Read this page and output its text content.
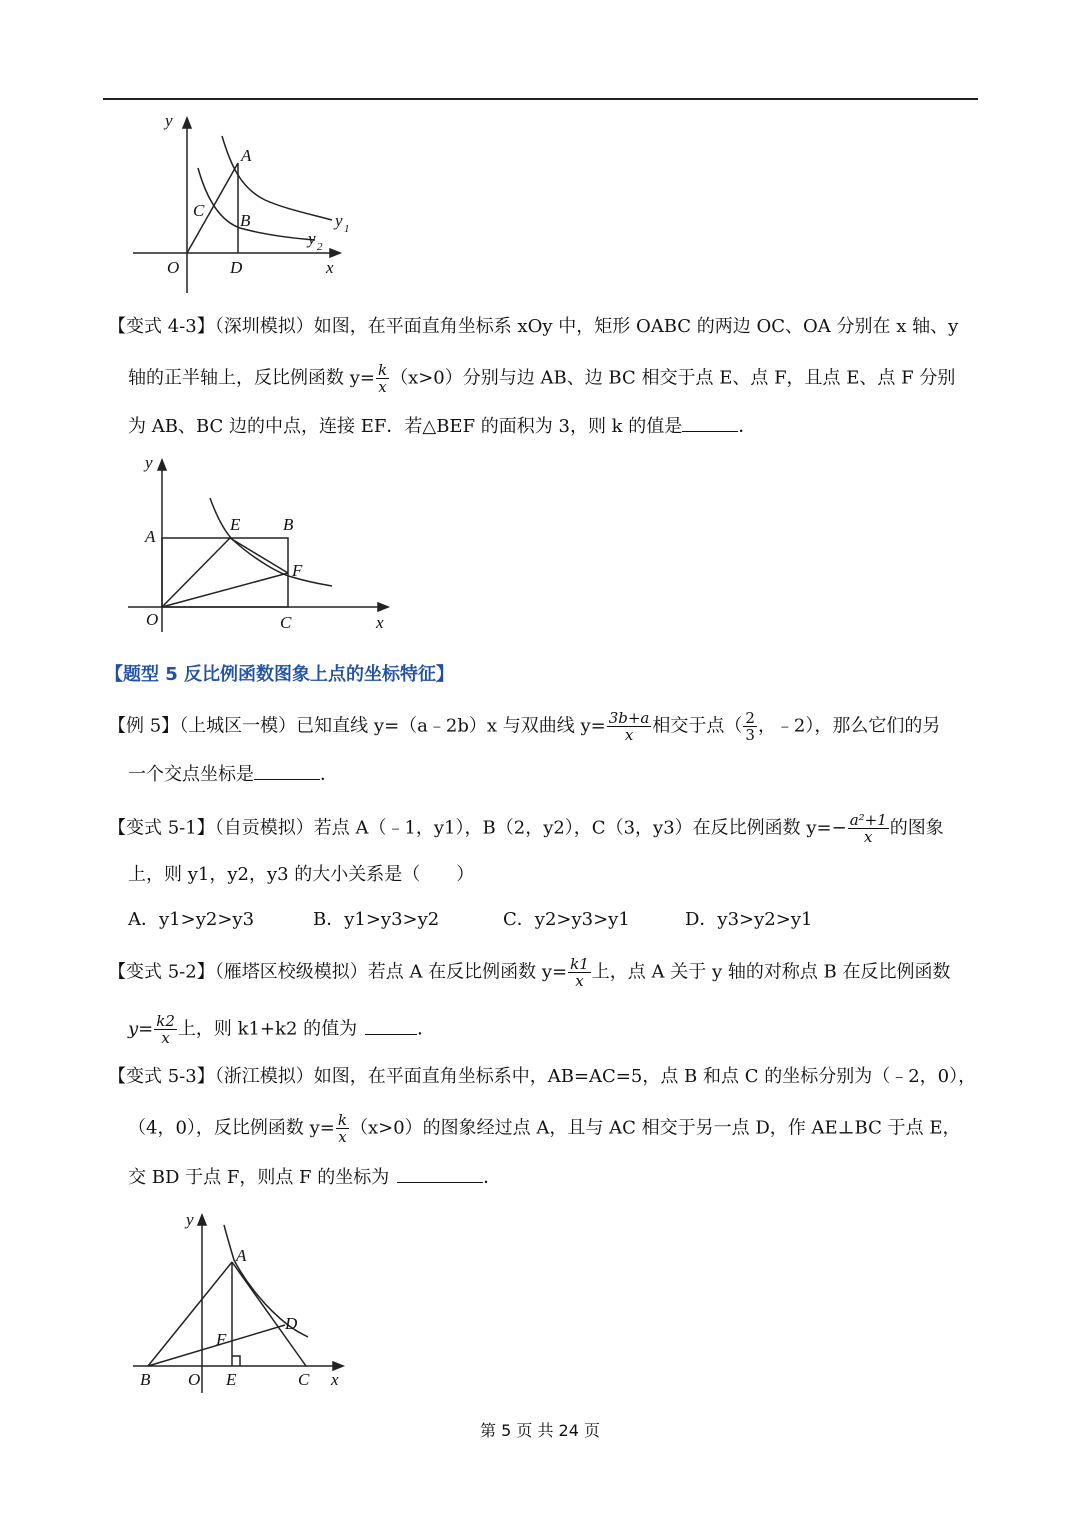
y
x
O	D
A
B
C
y 1
y 2
【变式 4-3】（深圳模拟）如图，在平面直角坐标系 xOy 中，矩形 OABC 的两边 OC、OA 分别在 x 轴、y
轴的正半轴上，反比例函数 $y= \frac{k}{x} (x>0)$分别与边 AB、边 BC 相交于点 E、点 F，且点 E、点 F 分别
为 AB、BC 边的中点，连接 EF．若△BEF 的面积为 3，则 k 的值是	．
y
x
O
A
E	B
F
C
【题型 5 反比例函数图象上点的坐标特征】
【例 5】（上城区一模）已知直线 y=（a﹣2b）x 与双曲线 $y= \frac{3b+a}{x}$ 相交于点（ $\frac{2}{3}$ ，﹣2），那么它们的另
一个交点坐标是	．
【变式 5-1】（自贡模拟）若点 A（﹣1，y1），B（2，y2），C（3，y3）在反比例函数 $y=- \frac{\text{a²+1}}{x}$ 的图象
上，则 y1，y2，y3 的大小关系是（　　）
A．y1>y2>y3	B．y1>y3>y2	C．y2>y3>y1	D．y3>y2>y1
【变式 5-2】（雁塔区校级模拟）若点 A 在反比例函数 $y= \frac{k1}{x}$ 上，点 A 关于 y 轴的对称点 B 在反比例函数
$y= \frac{k2}{x}$ 上，则 k1+k2 的值为	．
【变式 5-3】（浙江模拟）如图，在平面直角坐标系中，AB=AC=5，点 B 和点 C 的坐标分别为（﹣2，0），
（4，0），反比例函数 $y= \frac{k}{x} (x>0)$的图象经过点 A，且与 AC 相交于另一点 D，作 AE⊥BC 于点 E，
交 BD 于点 F，则点 F 的坐标为	．
y
x
A
D
F
B O E	C
第 5 页 共 24 页
